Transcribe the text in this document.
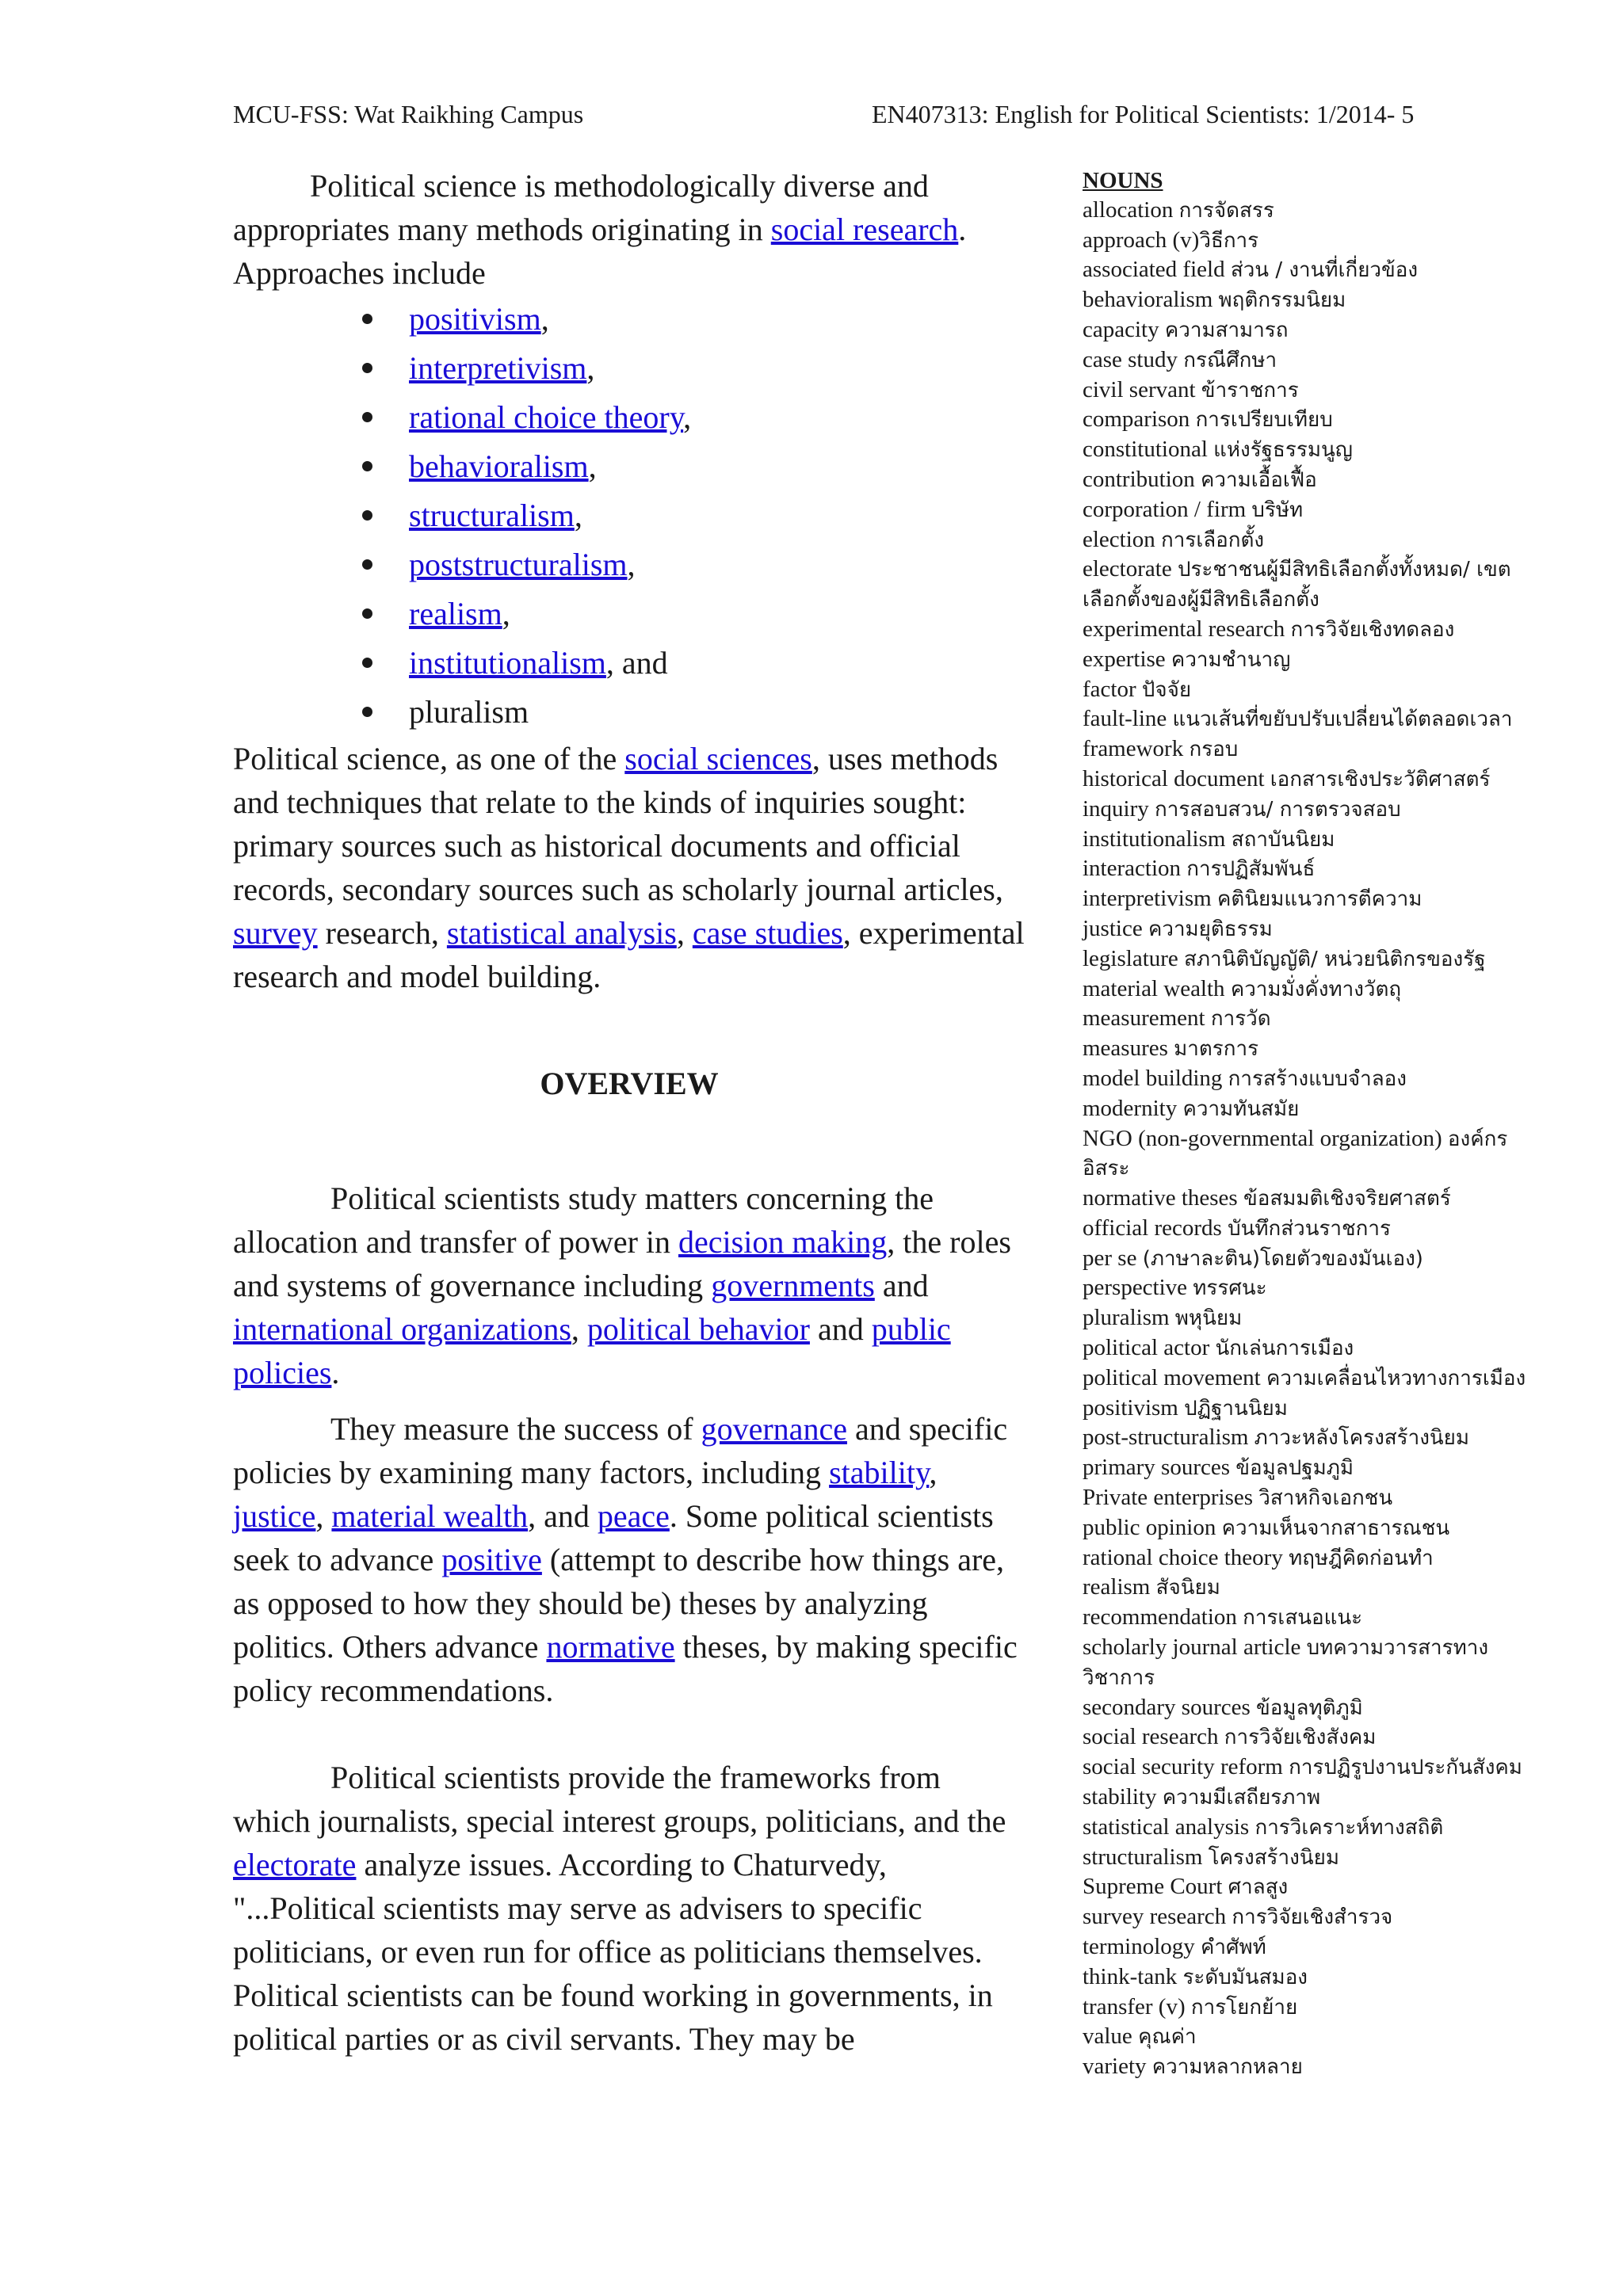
MCU-FSS: Wat Raikhing Campus	EN407313: English for Political Scientists: 1/2014- 5

Political science is methodologically diverse and appropriates many methods originating in social research. Approaches include

positivism,
interpretivism,
rational choice theory,
behavioralism,
structuralism,
poststructuralism,
realism,
institutionalism, and
pluralism

Political science, as one of the social sciences, uses methods and techniques that relate to the kinds of inquiries sought: primary sources such as historical documents and official records, secondary sources such as scholarly journal articles, survey research, statistical analysis, case studies, experimental research and model building.

OVERVIEW

Political scientists study matters concerning the allocation and transfer of power in decision making, the roles and systems of governance including governments and international organizations, political behavior and public policies.

They measure the success of governance and specific policies by examining many factors, including stability, justice, material wealth, and peace. Some political scientists seek to advance positive (attempt to describe how things are, as opposed to how they should be) theses by analyzing politics. Others advance normative theses, by making specific policy recommendations.

Political scientists provide the frameworks from which journalists, special interest groups, politicians, and the electorate analyze issues. According to Chaturvedy, "...Political scientists may serve as advisers to specific politicians, or even run for office as politicians themselves. Political scientists can be found working in governments, in political parties or as civil servants. They may be

NOUNS
allocation การจัดสรร
approach (v)วิธีการ
associated field ส่วน / งานที่เกี่ยวข้อง
behavioralism พฤติกรรมนิยม
capacity ความสามารถ
case study กรณีศึกษา
civil servant ข้าราชการ
comparison การเปรียบเทียบ
constitutional แห่งรัฐธรรมนูญ
contribution ความเอื้อเฟื้อ
corporation / firm บริษัท
election การเลือกตั้ง
electorate ประชาชนผู้มีสิทธิเลือกตั้งทั้งหมด/ เขตเลือกตั้งของผู้มีสิทธิเลือกตั้ง
experimental research การวิจัยเชิงทดลอง
expertise ความชำนาญ
factor ปัจจัย
fault-line แนวเส้นที่ขยับปรับเปลี่ยนได้ตลอดเวลา
framework กรอบ
historical document เอกสารเชิงประวัติศาสตร์
inquiry การสอบสวน/ การตรวจสอบ
institutionalism สถาบันนิยม
interaction การปฏิสัมพันธ์
interpretivism คตินิยมแนวการตีความ
justice ความยุติธรรม
legislature สภานิติบัญญัติ/ หน่วยนิติกรของรัฐ
material wealth ความมั่งคั่งทางวัตถุ
measurement การวัด
measures มาตรการ
model building การสร้างแบบจำลอง
modernity ความทันสมัย
NGO (non-governmental organization) องค์กรอิสระ
normative theses ข้อสมมติเชิงจริยศาสตร์
official records บันทึกส่วนราชการ
per se (ภาษาละติน)โดยตัวของมันเอง)
perspective ทรรศนะ
pluralism พหุนิยม
political actor นักเล่นการเมือง
political movement ความเคลื่อนไหวทางการเมือง
positivism ปฏิฐานนิยม
post-structuralism ภาวะหลังโครงสร้างนิยม
primary sources ข้อมูลปฐมภูมิ
Private enterprises วิสาหกิจเอกชน
public opinion ความเห็นจากสาธารณชน
rational choice theory ทฤษฎีคิดก่อนทำ
realism สัจนิยม
recommendation การเสนอแนะ
scholarly journal article บทความวารสารทางวิชาการ
secondary sources ข้อมูลทุติภูมิ
social research การวิจัยเชิงสังคม
social security reform การปฏิรูปงานประกันสังคม
stability ความมีเสถียรภาพ
statistical analysis การวิเคราะห์ทางสถิติ
structuralism โครงสร้างนิยม
Supreme Court ศาลสูง
survey research การวิจัยเชิงสำรวจ
terminology คำศัพท์
think-tank ระดับมันสมอง
transfer (v) การโยกย้าย
value คุณค่า
variety ความหลากหลาย
